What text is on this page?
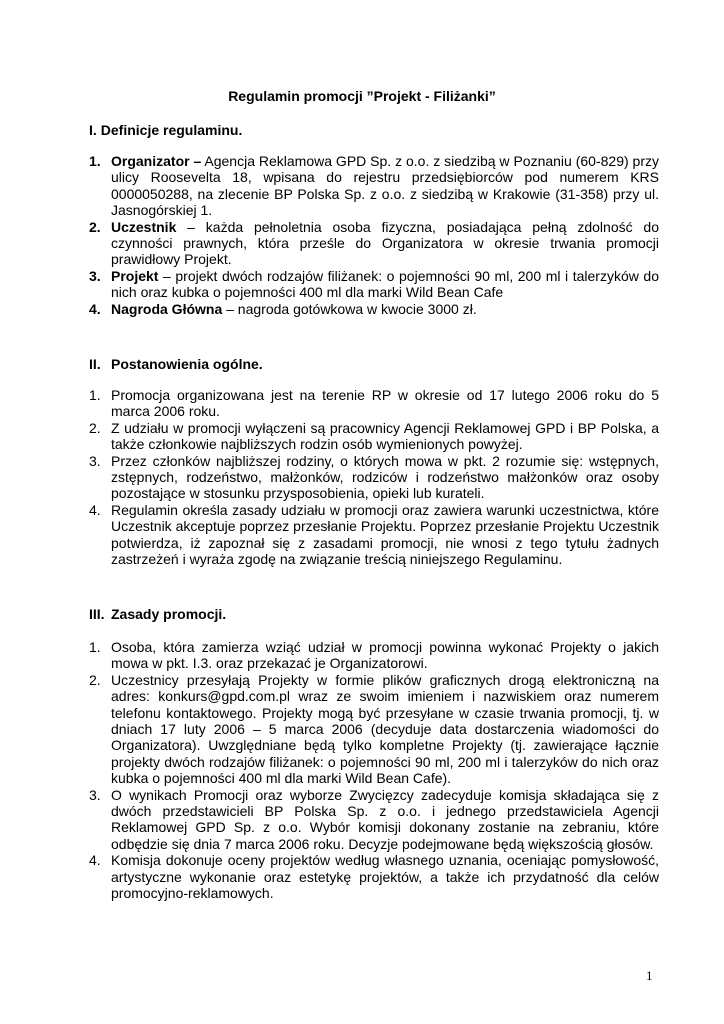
Regulamin promocji ”Projekt - Filiżanki”
I. Definicje regulaminu.
1. Organizator – Agencja Reklamowa GPD Sp. z o.o. z siedzibą w Poznaniu (60-829) przy ulicy Roosevelta 18, wpisana do rejestru przedsiębiorców pod numerem KRS 0000050288, na zlecenie BP Polska Sp. z o.o. z siedzibą w Krakowie (31-358) przy ul. Jasnogórskiej 1.
2. Uczestnik – każda pełnoletnia osoba fizyczna, posiadająca pełną zdolność do czynności prawnych, która prześle do Organizatora w okresie trwania promocji prawidłowy Projekt.
3. Projekt – projekt dwóch rodzajów filiżanek: o pojemności 90 ml, 200 ml i talerzyków do nich oraz kubka o pojemności 400 ml dla marki Wild Bean Cafe
4. Nagroda Główna – nagroda gotówkowa w kwocie 3000 zł.
II. Postanowienia ogólne.
1. Promocja organizowana jest na terenie RP w okresie od 17 lutego 2006 roku do 5 marca 2006 roku.
2. Z udziału w promocji wyłączeni są pracownicy Agencji Reklamowej GPD i BP Polska, a także członkowie najbliższych rodzin osób wymienionych powyżej.
3. Przez członków najbliższej rodziny, o których mowa w pkt. 2 rozumie się: wstępnych, zstępnych, rodzeństwo, małżonków, rodziców i rodzeństwo małżonków oraz osoby pozostające w stosunku przysposobienia, opieki lub kurateli.
4. Regulamin określa zasady udziału w promocji oraz zawiera warunki uczestnictwa, które Uczestnik akceptuje poprzez przesłanie Projektu. Poprzez przesłanie Projektu Uczestnik potwierdza, iż zapoznał się z zasadami promocji, nie wnosi z tego tytułu żadnych zastrzeżeń i wyraża zgodę na związanie treścią niniejszego Regulaminu.
III. Zasady promocji.
1. Osoba, która zamierza wziąć udział w promocji powinna wykonać Projekty o jakich mowa w pkt. I.3. oraz przekazać je Organizatorowi.
2. Uczestnicy przesyłają Projekty w formie plików graficznych drogą elektroniczną na adres: konkurs@gpd.com.pl wraz ze swoim imieniem i nazwiskiem oraz numerem telefonu kontaktowego. Projekty mogą być przesyłane w czasie trwania promocji, tj. w dniach 17 luty 2006 – 5 marca 2006 (decyduje data dostarczenia wiadomości do Organizatora). Uwzględniane będą tylko kompletne Projekty (tj. zawierające łącznie projekty dwóch rodzajów filiżanek: o pojemności 90 ml, 200 ml i talerzyków do nich oraz kubka o pojemności 400 ml dla marki Wild Bean Cafe).
3. O wynikach Promocji oraz wyborze Zwycięzcy zadecyduje komisja składająca się z dwóch przedstawicieli BP Polska Sp. z o.o. i jednego przedstawiciela Agencji Reklamowej GPD Sp. z o.o. Wybór komisji dokonany zostanie na zebraniu, które odbędzie się dnia 7 marca 2006 roku. Decyzje podejmowane będą większością głosów.
4. Komisja dokonuje oceny projektów według własnego uznania, oceniając pomysłowość, artystyczne wykonanie oraz estetykę projektów, a także ich przydatność dla celów promocyjno-reklamowych.
1
